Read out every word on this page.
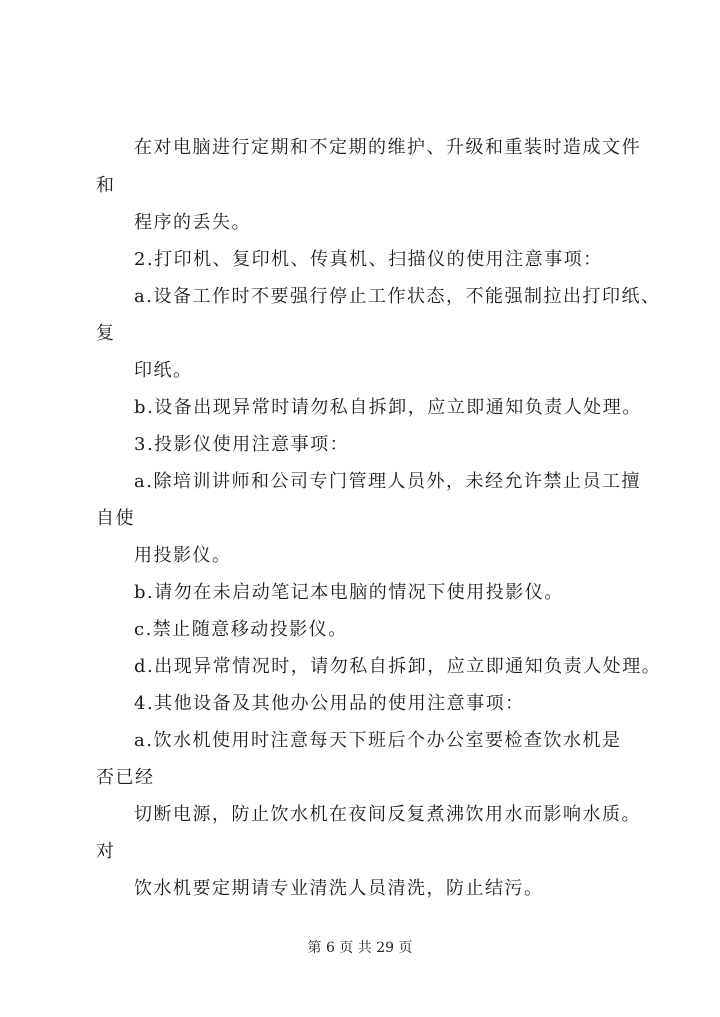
在对电脑进行定期和不定期的维护、升级和重装时造成文件
和
程序的丢失。
2.打印机、复印机、传真机、扫描仪的使用注意事项：
a.设备工作时不要强行停止工作状态，不能强制拉出打印纸、
复
印纸。
b.设备出现异常时请勿私自拆卸，应立即通知负责人处理。
3.投影仪使用注意事项：
a.除培训讲师和公司专门管理人员外，未经允许禁止员工擅
自使
用投影仪。
b.请勿在未启动笔记本电脑的情况下使用投影仪。
c.禁止随意移动投影仪。
d.出现异常情况时，请勿私自拆卸，应立即通知负责人处理。
4.其他设备及其他办公用品的使用注意事项：
a.饮水机使用时注意每天下班后个办公室要检查饮水机是
否已经
切断电源，防止饮水机在夜间反复煮沸饮用水而影响水质。
对
饮水机要定期请专业清洗人员清洗，防止结污。
第 6 页 共 29 页
